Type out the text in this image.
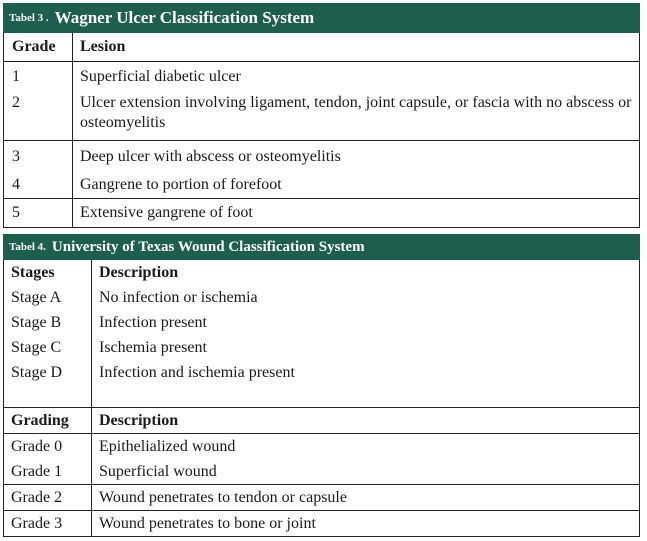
Tabel 3 . Wagner Ulcer Classification System
Grade	Lesion
1	Superficial diabetic ulcer
2	Ulcer extension involving ligament, tendon, joint capsule, or fascia with no abscess or osteomyelitis
3	Deep ulcer with abscess or osteomyelitis
4	Gangrene to portion of forefoot
5	Extensive gangrene of foot
Tabel 4. University of Texas Wound Classification System
Stages	Description
Stage A	No infection or ischemia
Stage B	Infection present
Stage C	Ischemia present
Stage D	Infection and ischemia present

Grading	Description
Grade 0	Epithelialized wound
Grade 1	Superficial wound
Grade 2	Wound penetrates to tendon or capsule
Grade 3	Wound penetrates to bone or joint
